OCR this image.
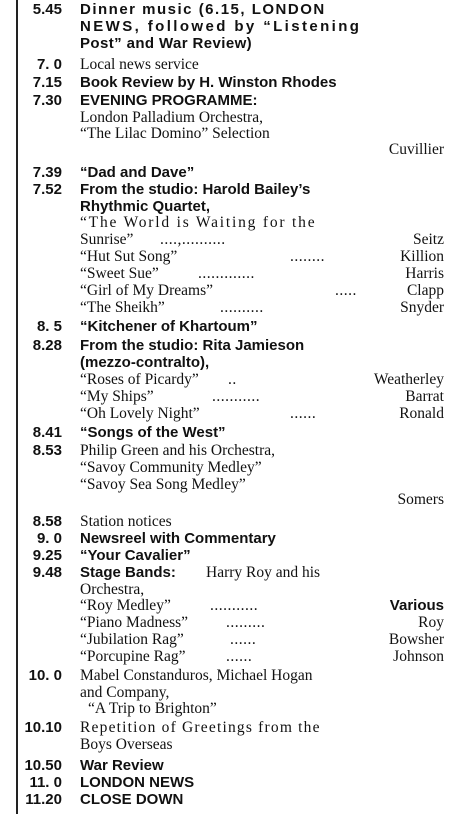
5.45 Dinner music (6.15, LONDON
NEWS, followed by “Listening
Post” and War Review)
7. 0 Local news service
7.15 Book Review by H. Winston Rhodes
7.30 EVENING PROGRAMME:
London Palladium Orchestra,
“The Lilac Domino” Selection
Cuvillier
7.39 “Dad and Dave”
7.52 From the studio: Harold Bailey’s
Rhythmic Quartet,
“The World is Waiting for the
Sunrise” ....,..........	Seitz
“Hut Sut Song”	........	Killion
“Sweet Sue”	.............	Harris
“Girl of My Dreams”	.....	Clapp
“The Sheikh”	..........	Snyder
8. 5 “Kitchener of Khartoum”
8.28 From the studio: Rita Jamieson
(mezzo-contralto),
“Roses of Picardy” ..	Weatherley
“My Ships”	...........	Barrat
“Oh Lovely Night”	......	Ronald
8.41 “Songs of the West”
8.53 Philip Green and his Orchestra,
“Savoy Community Medley”
“Savoy Sea Song Medley”
Somers
8.58 Station notices
9. 0 Newsreel with Commentary
9.25 “Your Cavalier”
9.48 Stage Bands: Harry Roy and his
Orchestra,
“Roy Medley”	...........	Various
“Piano Madness” .........	Roy
“Jubilation Rag”	......	Bowsher
“Porcupine Rag”	......	Johnson
10. 0 Mabel Constanduros, Michael Hogan
and Company,
“A Trip to Brighton”
10.10 Repetition of Greetings from the
Boys Overseas
10.50 War Review
11. 0 LONDON NEWS
11.20 CLOSE DOWN
